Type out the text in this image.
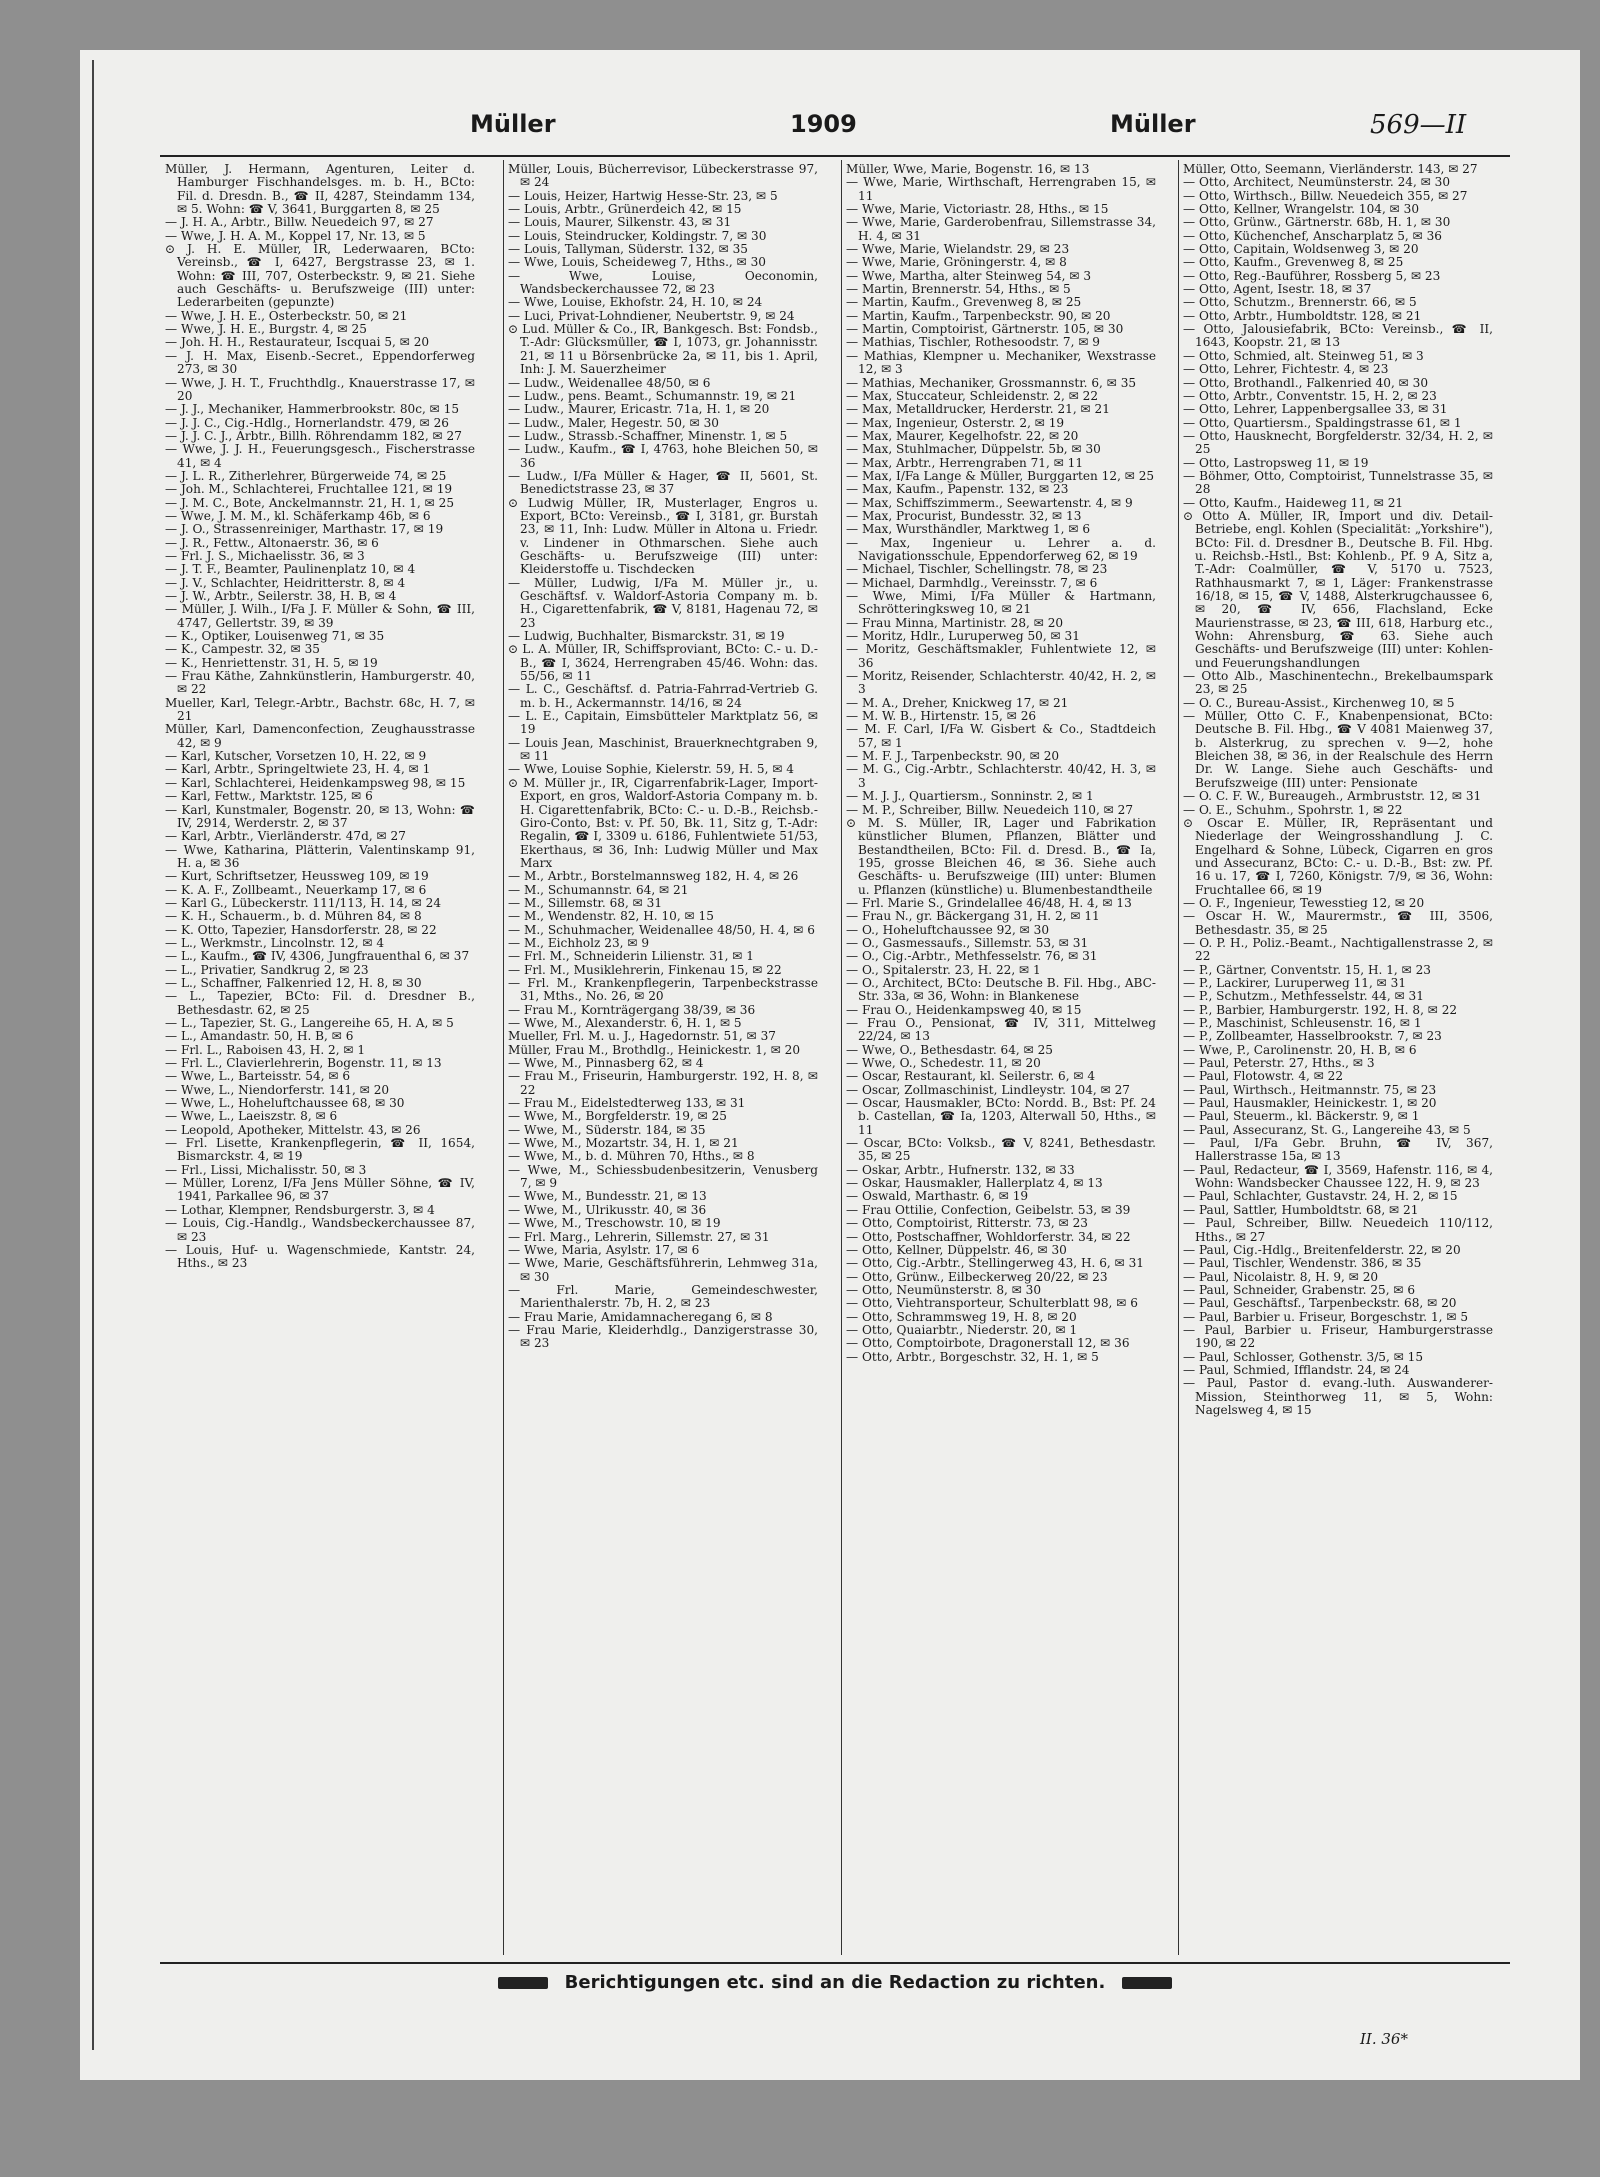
Müller	1909	Müller	569—II

Müller, J. Hermann, Agenturen, Leiter d. Hamburger Fischhandelsges. m. b. H., BCto: Fil. d. Dresdn. B., ☎ II, 4287, Steindamm 134, ✉ 5. Wohn: ☎ V, 3641, Burggarten 8, ✉ 25

— J. H. A., Arbtr., Billw. Neuedeich 97, ✉ 27

— Wwe, J. H. A. M., Koppel 17, Nr. 13, ✉ 5

⊙ J. H. E. Müller, IR, Lederwaaren, BCto: Vereinsb., ☎ I, 6427, Bergstrasse 23, ✉ 1. Wohn: ☎ III, 707, Osterbeckstr. 9, ✉ 21. Siehe auch Geschäfts- u. Berufszweige (III) unter: Lederarbeiten (gepunzte)

— Wwe, J. H. E., Osterbeckstr. 50, ✉ 21

— Wwe, J. H. E., Burgstr. 4, ✉ 25

— Joh. H. H., Restaurateur, Iscquai 5, ✉ 20

— J. H. Max, Eisenb.-Secret., Eppendorferweg 273, ✉ 30

— Wwe, J. H. T., Fruchthdlg., Knauerstrasse 17, ✉ 20

— J. J., Mechaniker, Hammerbrookstr. 80c, ✉ 15

— J. J. C., Cig.-Hdlg., Hornerlandstr. 479, ✉ 26

— J. J. C. J., Arbtr., Billh. Röhrendamm 182, ✉ 27

— Wwe, J. J. H., Feuerungsgesch., Fischerstrasse 41, ✉ 4

— J. L. R., Zitherlehrer, Bürgerweide 74, ✉ 25

— Joh. M., Schlachterei, Fruchtallee 121, ✉ 19

— J. M. C., Bote, Anckelmannstr. 21, H. 1, ✉ 25

— Wwe, J. M. M., kl. Schäferkamp 46b, ✉ 6

— J. O., Strassenreiniger, Marthastr. 17, ✉ 19

— J. R., Fettw., Altonaerstr. 36, ✉ 6

— Frl. J. S., Michaelisstr. 36, ✉ 3

— J. T. F., Beamter, Paulinenplatz 10, ✉ 4

— J. V., Schlachter, Heidritterstr. 8, ✉ 4

— J. W., Arbtr., Seilerstr. 38, H. B, ✉ 4

— Müller, J. Wilh., I/Fa J. F. Müller & Sohn, ☎ III, 4747, Gellertstr. 39, ✉ 39

— K., Optiker, Louisenweg 71, ✉ 35

— K., Campestr. 32, ✉ 35

— K., Henriettenstr. 31, H. 5, ✉ 19

— Frau Käthe, Zahnkünstlerin, Hamburgerstr. 40, ✉ 22

Mueller, Karl, Telegr.-Arbtr., Bachstr. 68c, H. 7, ✉ 21

Müller, Karl, Damenconfection, Zeughausstrasse 42, ✉ 9

— Karl, Kutscher, Vorsetzen 10, H. 22, ✉ 9

— Karl, Arbtr., Springeltwiete 23, H. 4, ✉ 1

— Karl, Schlachterei, Heidenkampsweg 98, ✉ 15

— Karl, Fettw., Marktstr. 125, ✉ 6

— Karl, Kunstmaler, Bogenstr. 20, ✉ 13, Wohn: ☎ IV, 2914, Werderstr. 2, ✉ 37

— Karl, Arbtr., Vierländerstr. 47d, ✉ 27

— Wwe, Katharina, Plätterin, Valentinskamp 91, H. a, ✉ 36

— Kurt, Schriftsetzer, Heussweg 109, ✉ 19

— K. A. F., Zollbeamt., Neuerkamp 17, ✉ 6

— Karl G., Lübeckerstr. 111/113, H. 14, ✉ 24

— K. H., Schauerm., b. d. Mühren 84, ✉ 8

— K. Otto, Tapezier, Hansdorferstr. 28, ✉ 22

— L., Werkmstr., Lincolnstr. 12, ✉ 4

— L., Kaufm., ☎ IV, 4306, Jungfrauenthal 6, ✉ 37

— L., Privatier, Sandkrug 2, ✉ 23

— L., Schaffner, Falkenried 12, H. 8, ✉ 30

— L., Tapezier, BCto: Fil. d. Dresdner B., Bethesdastr. 62, ✉ 25

— L., Tapezier, St. G., Langereihe 65, H. A, ✉ 5

— L., Amandastr. 50, H. B, ✉ 6

— Frl. L., Raboisen 43, H. 2, ✉ 1

— Frl. L., Clavierlehrerin, Bogenstr. 11, ✉ 13

— Wwe, L., Barteisstr. 54, ✉ 6

— Wwe, L., Niendorferstr. 141, ✉ 20

— Wwe, L., Hoheluftchaussee 68, ✉ 30

— Wwe, L., Laeiszstr. 8, ✉ 6

— Leopold, Apotheker, Mittelstr. 43, ✉ 26

— Frl. Lisette, Krankenpflegerin, ☎ II, 1654, Bismarckstr. 4, ✉ 19

— Frl., Lissi, Michalisstr. 50, ✉ 3

— Müller, Lorenz, I/Fa Jens Müller Söhne, ☎ IV, 1941, Parkallee 96, ✉ 37

— Lothar, Klempner, Rendsburgerstr. 3, ✉ 4

— Louis, Cig.-Handlg., Wandsbeckerchaussee 87, ✉ 23

— Louis, Huf- u. Wagenschmiede, Kantstr. 24, Hths., ✉ 23

Müller, Louis, Bücherrevisor, Lübeckerstrasse 97, ✉ 24

— Louis, Heizer, Hartwig Hesse-Str. 23, ✉ 5

— Louis, Arbtr., Grünerdeich 42, ✉ 15

— Louis, Maurer, Silkenstr. 43, ✉ 31

— Louis, Steindrucker, Koldingstr. 7, ✉ 30

— Louis, Tallyman, Süderstr. 132, ✉ 35

— Wwe, Louis, Scheideweg 7, Hths., ✉ 30

— Wwe, Louise, Oeconomin, Wandsbeckerchaussee 72, ✉ 23

— Wwe, Louise, Ekhofstr. 24, H. 10, ✉ 24

— Luci, Privat-Lohndiener, Neubertstr. 9, ✉ 24

⊙ Lud. Müller & Co., IR, Bankgesch. Bst: Fondsb., T.-Adr: Glücksmüller, ☎ I, 1073, gr. Johannisstr. 21, ✉ 11 u Börsenbrücke 2a, ✉ 11, bis 1. April, Inh: J. M. Sauerzheimer

— Ludw., Weidenallee 48/50, ✉ 6

— Ludw., pens. Beamt., Schumannstr. 19, ✉ 21

— Ludw., Maurer, Ericastr. 71a, H. 1, ✉ 20

— Ludw., Maler, Hegestr. 50, ✉ 30

— Ludw., Strassb.-Schaffner, Minenstr. 1, ✉ 5

— Ludw., Kaufm., ☎ I, 4763, hohe Bleichen 50, ✉ 36

— Ludw., I/Fa Müller & Hager, ☎ II, 5601, St. Benedictstrasse 23, ✉ 37

⊙ Ludwig Müller, IR, Musterlager, Engros u. Export, BCto: Vereinsb., ☎ I, 3181, gr. Burstah 23, ✉ 11, Inh: Ludw. Müller in Altona u. Friedr. v. Lindener in Othmarschen. Siehe auch Geschäfts- u. Berufszweige (III) unter: Kleiderstoffe u. Tischdecken

— Müller, Ludwig, I/Fa M. Müller jr., u. Geschäftsf. v. Waldorf-Astoria Company m. b. H., Cigarettenfabrik, ☎ V, 8181, Hagenau 72, ✉ 23

— Ludwig, Buchhalter, Bismarckstr. 31, ✉ 19

⊙ L. A. Müller, IR, Schiffsproviant, BCto: C.- u. D.-B., ☎ I, 3624, Herrengraben 45/46. Wohn: das. 55/56, ✉ 11

— L. C., Geschäftsf. d. Patria-Fahrrad-Vertrieb G. m. b. H., Ackermannstr. 14/16, ✉ 24

— L. E., Capitain, Eimsbütteler Marktplatz 56, ✉ 19

— Louis Jean, Maschinist, Brauerknechtgraben 9, ✉ 11

— Wwe, Louise Sophie, Kielerstr. 59, H. 5, ✉ 4

⊙ M. Müller jr., IR, Cigarrenfabrik-Lager, Import-Export, en gros, Waldorf-Astoria Company m. b. H. Cigarettenfabrik, BCto: C.- u. D.-B., Reichsb.-Giro-Conto, Bst: v. Pf. 50, Bk. 11, Sitz g, T.-Adr: Regalin, ☎ I, 3309 u. 6186, Fuhlentwiete 51/53, Ekerthaus, ✉ 36, Inh: Ludwig Müller und Max Marx

— M., Arbtr., Borstelmannsweg 182, H. 4, ✉ 26

— M., Schumannstr. 64, ✉ 21

— M., Sillemstr. 68, ✉ 31

— M., Wendenstr. 82, H. 10, ✉ 15

— M., Schuhmacher, Weidenallee 48/50, H. 4, ✉ 6

— M., Eichholz 23, ✉ 9

— Frl. M., Schneiderin Lilienstr. 31, ✉ 1

— Frl. M., Musiklehrerin, Finkenau 15, ✉ 22

— Frl. M., Krankenpflegerin, Tarpenbeckstrasse 31, Mths., No. 26, ✉ 20

— Frau M., Kornträgergang 38/39, ✉ 36

— Wwe, M., Alexanderstr. 6, H. 1, ✉ 5

Mueller, Frl. M. u. J., Hagedornstr. 51, ✉ 37

Müller, Frau M., Brothdlg., Heinickestr. 1, ✉ 20

— Wwe, M., Pinnasberg 62, ✉ 4

— Frau M., Friseurin, Hamburgerstr. 192, H. 8, ✉ 22

— Frau M., Eidelstedterweg 133, ✉ 31

— Wwe, M., Borgfelderstr. 19, ✉ 25

— Wwe, M., Süderstr. 184, ✉ 35

— Wwe, M., Mozartstr. 34, H. 1, ✉ 21

— Wwe, M., b. d. Mühren 70, Hths., ✉ 8

— Wwe, M., Schiessbudenbesitzerin, Venusberg 7, ✉ 9

— Wwe, M., Bundesstr. 21, ✉ 13

— Wwe, M., Ulrikusstr. 40, ✉ 36

— Wwe, M., Treschowstr. 10, ✉ 19

— Frl. Marg., Lehrerin, Sillemstr. 27, ✉ 31

— Wwe, Maria, Asylstr. 17, ✉ 6

— Wwe, Marie, Geschäftsführerin, Lehmweg 31a, ✉ 30

— Frl. Marie, Gemeindeschwester, Marienthalerstr. 7b, H. 2, ✉ 23

— Frau Marie, Amidamnacheregang 6, ✉ 8

— Frau Marie, Kleiderhdlg., Danzigerstrasse 30, ✉ 23

Müller, Wwe, Marie, Bogenstr. 16, ✉ 13

— Wwe, Marie, Wirthschaft, Herrengraben 15, ✉ 11

— Wwe, Marie, Victoriastr. 28, Hths., ✉ 15

— Wwe, Marie, Garderobenfrau, Sillemstrasse 34, H. 4, ✉ 31

— Wwe, Marie, Wielandstr. 29, ✉ 23

— Wwe, Marie, Gröningerstr. 4, ✉ 8

— Wwe, Martha, alter Steinweg 54, ✉ 3

— Martin, Brennerstr. 54, Hths., ✉ 5

— Martin, Kaufm., Grevenweg 8, ✉ 25

— Martin, Kaufm., Tarpenbeckstr. 90, ✉ 20

— Martin, Comptoirist, Gärtnerstr. 105, ✉ 30

— Mathias, Tischler, Rothesoodstr. 7, ✉ 9

— Mathias, Klempner u. Mechaniker, Wexstrasse 12, ✉ 3

— Mathias, Mechaniker, Grossmannstr. 6, ✉ 35

— Max, Stuccateur, Schleidenstr. 2, ✉ 22

— Max, Metalldrucker, Herderstr. 21, ✉ 21

— Max, Ingenieur, Osterstr. 2, ✉ 19

— Max, Maurer, Kegelhofstr. 22, ✉ 20

— Max, Stuhlmacher, Düppelstr. 5b, ✉ 30

— Max, Arbtr., Herrengraben 71, ✉ 11

— Max, I/Fa Lange & Müller, Burggarten 12, ✉ 25

— Max, Kaufm., Papenstr. 132, ✉ 23

— Max, Schiffszimmerm., Seewartenstr. 4, ✉ 9

— Max, Procurist, Bundesstr. 32, ✉ 13

— Max, Wursthändler, Marktweg 1, ✉ 6

— Max, Ingenieur u. Lehrer a. d. Navigationsschule, Eppendorferweg 62, ✉ 19

— Michael, Tischler, Schellingstr. 78, ✉ 23

— Michael, Darmhdlg., Vereinsstr. 7, ✉ 6

— Wwe, Mimi, I/Fa Müller & Hartmann, Schrötteringksweg 10, ✉ 21

— Frau Minna, Martinistr. 28, ✉ 20

— Moritz, Hdlr., Luruperweg 50, ✉ 31

— Moritz, Geschäftsmakler, Fuhlentwiete 12, ✉ 36

— Moritz, Reisender, Schlachterstr. 40/42, H. 2, ✉ 3

— M. A., Dreher, Knickweg 17, ✉ 21

— M. W. B., Hirtenstr. 15, ✉ 26

— M. F. Carl, I/Fa W. Gisbert & Co., Stadtdeich 57, ✉ 1

— M. F. J., Tarpenbeckstr. 90, ✉ 20

— M. G., Cig.-Arbtr., Schlachterstr. 40/42, H. 3, ✉ 3

— M. J. J., Quartiersm., Sonninstr. 2, ✉ 1

— M. P., Schreiber, Billw. Neuedeich 110, ✉ 27

⊙ M. S. Müller, IR, Lager und Fabrikation künstlicher Blumen, Pflanzen, Blätter und Bestandtheilen, BCto: Fil. d. Dresd. B., ☎ Ia, 195, grosse Bleichen 46, ✉ 36. Siehe auch Geschäfts- u. Berufszweige (III) unter: Blumen u. Pflanzen (künstliche) u. Blumenbestandtheile

— Frl. Marie S., Grindelallee 46/48, H. 4, ✉ 13

— Frau N., gr. Bäckergang 31, H. 2, ✉ 11

— O., Hoheluftchaussee 92, ✉ 30

— O., Gasmessaufs., Sillemstr. 53, ✉ 31

— O., Cig.-Arbtr., Methfesselstr. 76, ✉ 31

— O., Spitalerstr. 23, H. 22, ✉ 1

— O., Architect, BCto: Deutsche B. Fil. Hbg., ABC-Str. 33a, ✉ 36, Wohn: in Blankenese

— Frau O., Heidenkampsweg 40, ✉ 15

— Frau O., Pensionat, ☎ IV, 311, Mittelweg 22/24, ✉ 13

— Wwe, O., Bethesdastr. 64, ✉ 25

— Wwe, O., Schedestr. 11, ✉ 20

— Oscar, Restaurant, kl. Seilerstr. 6, ✉ 4

— Oscar, Zollmaschinist, Lindleystr. 104, ✉ 27

— Oscar, Hausmakler, BCto: Nordd. B., Bst: Pf. 24 b. Castellan, ☎ Ia, 1203, Alterwall 50, Hths., ✉ 11

— Oscar, BCto: Volksb., ☎ V, 8241, Bethesdastr. 35, ✉ 25

— Oskar, Arbtr., Hufnerstr. 132, ✉ 33

— Oskar, Hausmakler, Hallerplatz 4, ✉ 13

— Oswald, Marthastr. 6, ✉ 19

— Frau Ottilie, Confection, Geibelstr. 53, ✉ 39

— Otto, Comptoirist, Ritterstr. 73, ✉ 23

— Otto, Postschaffner, Wohldorferstr. 34, ✉ 22

— Otto, Kellner, Düppelstr. 46, ✉ 30

— Otto, Cig.-Arbtr., Stellingerweg 43, H. 6, ✉ 31

— Otto, Grünw., Eilbeckerweg 20/22, ✉ 23

— Otto, Neumünsterstr. 8, ✉ 30

— Otto, Viehtransporteur, Schulterblatt 98, ✉ 6

— Otto, Schrammsweg 19, H. 8, ✉ 20

— Otto, Quaiarbtr., Niederstr. 20, ✉ 1

— Otto, Comptoirbote, Dragonerstall 12, ✉ 36

— Otto, Arbtr., Borgeschstr. 32, H. 1, ✉ 5

Müller, Otto, Seemann, Vierländerstr. 143, ✉ 27

— Otto, Architect, Neumünsterstr. 24, ✉ 30

— Otto, Wirthsch., Billw. Neuedeich 355, ✉ 27

— Otto, Kellner, Wrangelstr. 104, ✉ 30

— Otto, Grünw., Gärtnerstr. 68b, H. 1, ✉ 30

— Otto, Küchenchef, Anscharplatz 5, ✉ 36

— Otto, Capitain, Woldsenweg 3, ✉ 20

— Otto, Kaufm., Grevenweg 8, ✉ 25

— Otto, Reg.-Bauführer, Rossberg 5, ✉ 23

— Otto, Agent, Isestr. 18, ✉ 37

— Otto, Schutzm., Brennerstr. 66, ✉ 5

— Otto, Arbtr., Humboldtstr. 128, ✉ 21

— Otto, Jalousiefabrik, BCto: Vereinsb., ☎ II, 1643, Koopstr. 21, ✉ 13

— Otto, Schmied, alt. Steinweg 51, ✉ 3

— Otto, Lehrer, Fichtestr. 4, ✉ 23

— Otto, Brothandl., Falkenried 40, ✉ 30

— Otto, Arbtr., Conventstr. 15, H. 2, ✉ 23

— Otto, Lehrer, Lappenbergsallee 33, ✉ 31

— Otto, Quartiersm., Spaldingstrasse 61, ✉ 1

— Otto, Hausknecht, Borgfelderstr. 32/34, H. 2, ✉ 25

— Otto, Lastropsweg 11, ✉ 19

— Böhmer, Otto, Comptoirist, Tunnelstrasse 35, ✉ 28

— Otto, Kaufm., Haideweg 11, ✉ 21

⊙ Otto A. Müller, IR, Import und div. Detail-Betriebe, engl. Kohlen (Specialität: „Yorkshire"), BCto: Fil. d. Dresdner B., Deutsche B. Fil. Hbg. u. Reichsb.-Hstl., Bst: Kohlenb., Pf. 9 A, Sitz a, T.-Adr: Coalmüller, ☎ V, 5170 u. 7523, Rathhausmarkt 7, ✉ 1, Läger: Frankenstrasse 16/18, ✉ 15, ☎ V, 1488, Alsterkrugchaussee 6, ✉ 20, ☎ IV, 656, Flachsland, Ecke Maurienstrasse, ✉ 23, ☎ III, 618, Harburg etc., Wohn: Ahrensburg, ☎ 63. Siehe auch Geschäfts- und Berufszweige (III) unter: Kohlen- und Feuerungshandlungen

— Otto Alb., Maschinentechn., Brekelbaumspark 23, ✉ 25

— O. C., Bureau-Assist., Kirchenweg 10, ✉ 5

— Müller, Otto C. F., Knabenpensionat, BCto: Deutsche B. Fil. Hbg., ☎ V 4081 Maienweg 37, b. Alsterkrug, zu sprechen v. 9—2, hohe Bleichen 38, ✉ 36, in der Realschule des Herrn Dr. W. Lange. Siehe auch Geschäfts- und Berufszweige (III) unter: Pensionate

— O. C. F. W., Bureaugeh., Armbruststr. 12, ✉ 31

— O. E., Schuhm., Spohrstr. 1, ✉ 22

⊙ Oscar E. Müller, IR, Repräsentant und Niederlage der Weingrosshandlung J. C. Engelhard & Sohne, Lübeck, Cigarren en gros und Assecuranz, BCto: C.- u. D.-B., Bst: zw. Pf. 16 u. 17, ☎ I, 7260, Königstr. 7/9, ✉ 36, Wohn: Fruchtallee 66, ✉ 19

— O. F., Ingenieur, Tewesstieg 12, ✉ 20

— Oscar H. W., Maurermstr., ☎ III, 3506, Bethesdastr. 35, ✉ 25

— O. P. H., Poliz.-Beamt., Nachtigallenstrasse 2, ✉ 22

— P., Gärtner, Conventstr. 15, H. 1, ✉ 23

— P., Lackirer, Luruperweg 11, ✉ 31

— P., Schutzm., Methfesselstr. 44, ✉ 31

— P., Barbier, Hamburgerstr. 192, H. 8, ✉ 22

— P., Maschinist, Schleusenstr. 16, ✉ 1

— P., Zollbeamter, Hasselbrookstr. 7, ✉ 23

— Wwe, P., Carolinenstr. 20, H. B, ✉ 6

— Paul, Peterstr. 27, Hths., ✉ 3

— Paul, Flotowstr. 4, ✉ 22

— Paul, Wirthsch., Heitmannstr. 75, ✉ 23

— Paul, Hausmakler, Heinickestr. 1, ✉ 20

— Paul, Steuerm., kl. Bäckerstr. 9, ✉ 1

— Paul, Assecuranz, St. G., Langereihe 43, ✉ 5

— Paul, I/Fa Gebr. Bruhn, ☎ IV, 367, Hallerstrasse 15a, ✉ 13

— Paul, Redacteur, ☎ I, 3569, Hafenstr. 116, ✉ 4, Wohn: Wandsbecker Chaussee 122, H. 9, ✉ 23

— Paul, Schlachter, Gustavstr. 24, H. 2, ✉ 15

— Paul, Sattler, Humboldtstr. 68, ✉ 21

— Paul, Schreiber, Billw. Neuedeich 110/112, Hths., ✉ 27

— Paul, Cig.-Hdlg., Breitenfelderstr. 22, ✉ 20

— Paul, Tischler, Wendenstr. 386, ✉ 35

— Paul, Nicolaistr. 8, H. 9, ✉ 20

— Paul, Schneider, Grabenstr. 25, ✉ 6

— Paul, Geschäftsf., Tarpenbeckstr. 68, ✉ 20

— Paul, Barbier u. Friseur, Borgeschstr. 1, ✉ 5

— Paul, Barbier u. Friseur, Hamburgerstrasse 190, ✉ 22

— Paul, Schlosser, Gothenstr. 3/5, ✉ 15

— Paul, Schmied, Ifflandstr. 24, ✉ 24

— Paul, Pastor d. evang.-luth. Auswanderer-Mission, Steinthorweg 11, ✉ 5, Wohn: Nagelsweg 4, ✉ 15

Berichtigungen etc. sind an die Redaction zu richten.
II. 36*
